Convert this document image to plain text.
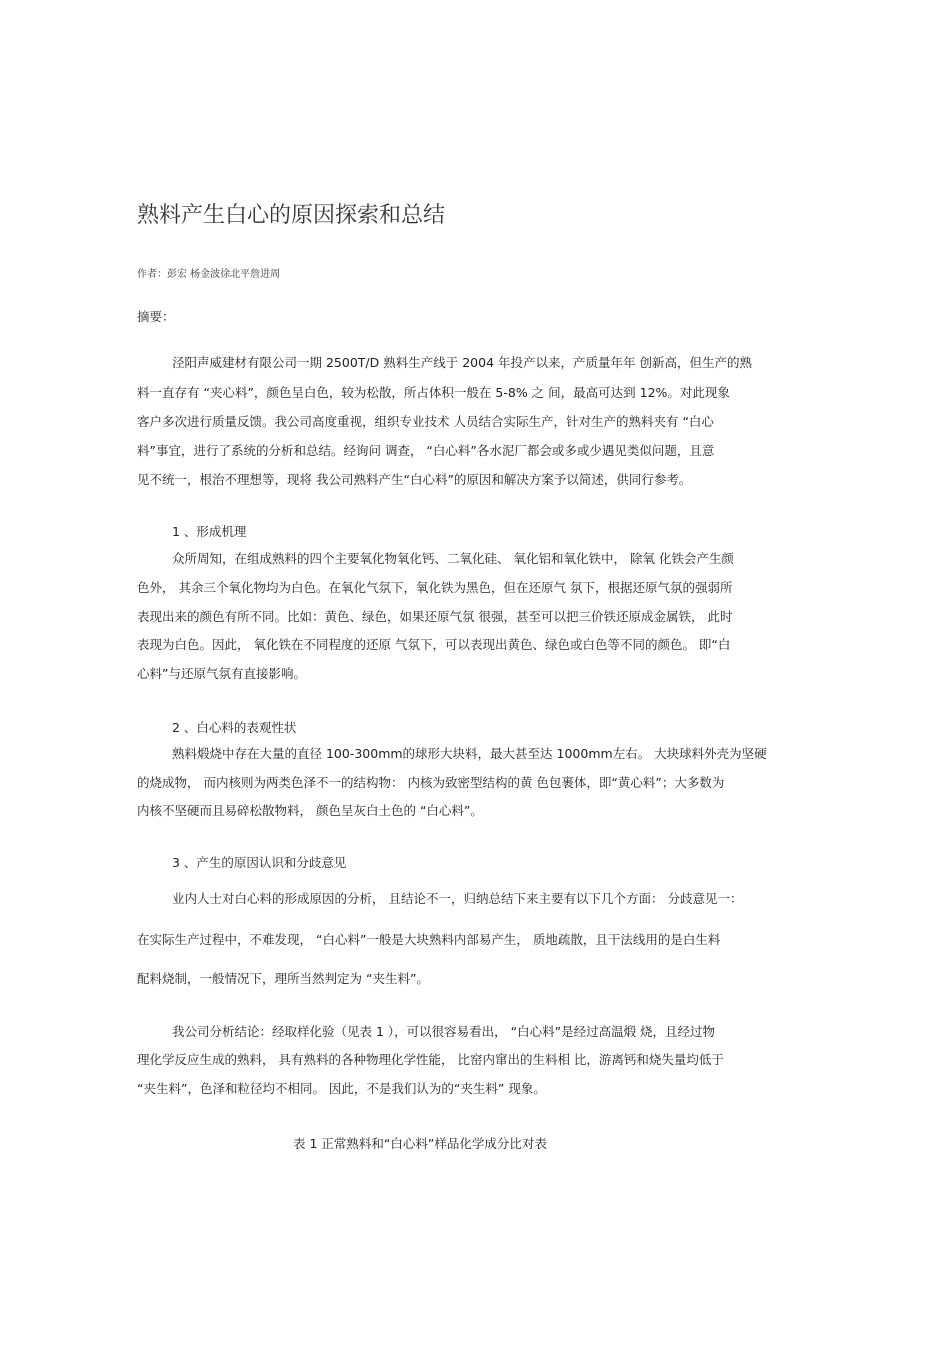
熟料产生白心的原因探索和总结
作者：彭宏 杨金波徐北平詹进周
摘要：
泾阳声威建材有限公司一期 2500T/D 熟料生产线于 2004 年投产以来，产质量年年 创新高，但生产的熟
料一直存有 “夹心料”，颜色呈白色，较为松散，所占体积一般在 5-8% 之 间，最高可达到 12%。对此现象
客户多次进行质量反馈。我公司高度重视，组织专业技术 人员结合实际生产，针对生产的熟料夹有 “白心
料”事宜，进行了系统的分析和总结。经询问 调查， “白心料”各水泥厂都会或多或少遇见类似问题，且意
见不统一，根治不理想等，现将 我公司熟料产生“白心料”的原因和解决方案予以简述，供同行参考。
1 、形成机理
众所周知，在组成熟料的四个主要氧化物氧化钙、二氧化硅、 氧化铝和氧化铁中， 除氧 化铁会产生颜
色外， 其余三个氧化物均为白色。在氧化气氛下，氧化铁为黑色，但在还原气 氛下，根据还原气氛的强弱所
表现出来的颜色有所不同。比如：黄色、绿色，如果还原气氛 很强，甚至可以把三价铁还原成金属铁， 此时
表现为白色。因此， 氧化铁在不同程度的还原 气氛下，可以表现出黄色、绿色或白色等不同的颜色。 即“白
心料”与还原气氛有直接影响。
2 、白心料的表观性状
熟料煅烧中存在大量的直径 100-300mm的球形大块料，最大甚至达 1000mm左右。 大块球料外壳为坚硬
的烧成物， 而内核则为两类色泽不一的结构物： 内核为致密型结构的黄 色包裹体，即“黄心料”；大多数为
内核不坚硬而且易碎松散物料， 颜色呈灰白土色的 “白心料”。
3 、产生的原因认识和分歧意见
业内人士对白心料的形成原因的分析， 且结论不一，归纳总结下来主要有以下几个方面： 分歧意见一：
在实际生产过程中，不难发现， “白心料”一般是大块熟料内部易产生， 质地疏散，且干法线用的是白生料
配料烧制，一般情况下，理所当然判定为 “夹生料”。
我公司分析结论：经取样化验（见表 1 ），可以很容易看出， “白心料”是经过高温煅 烧，且经过物
理化学反应生成的熟料， 具有熟料的各种物理化学性能， 比窑内窜出的生料相 比，游离钙和烧失量均低于
“夹生料”，色泽和粒径均不相同。 因此，不是我们认为的“夹生料” 现象。
表 1 正常熟料和“白心料”样品化学成分比对表
